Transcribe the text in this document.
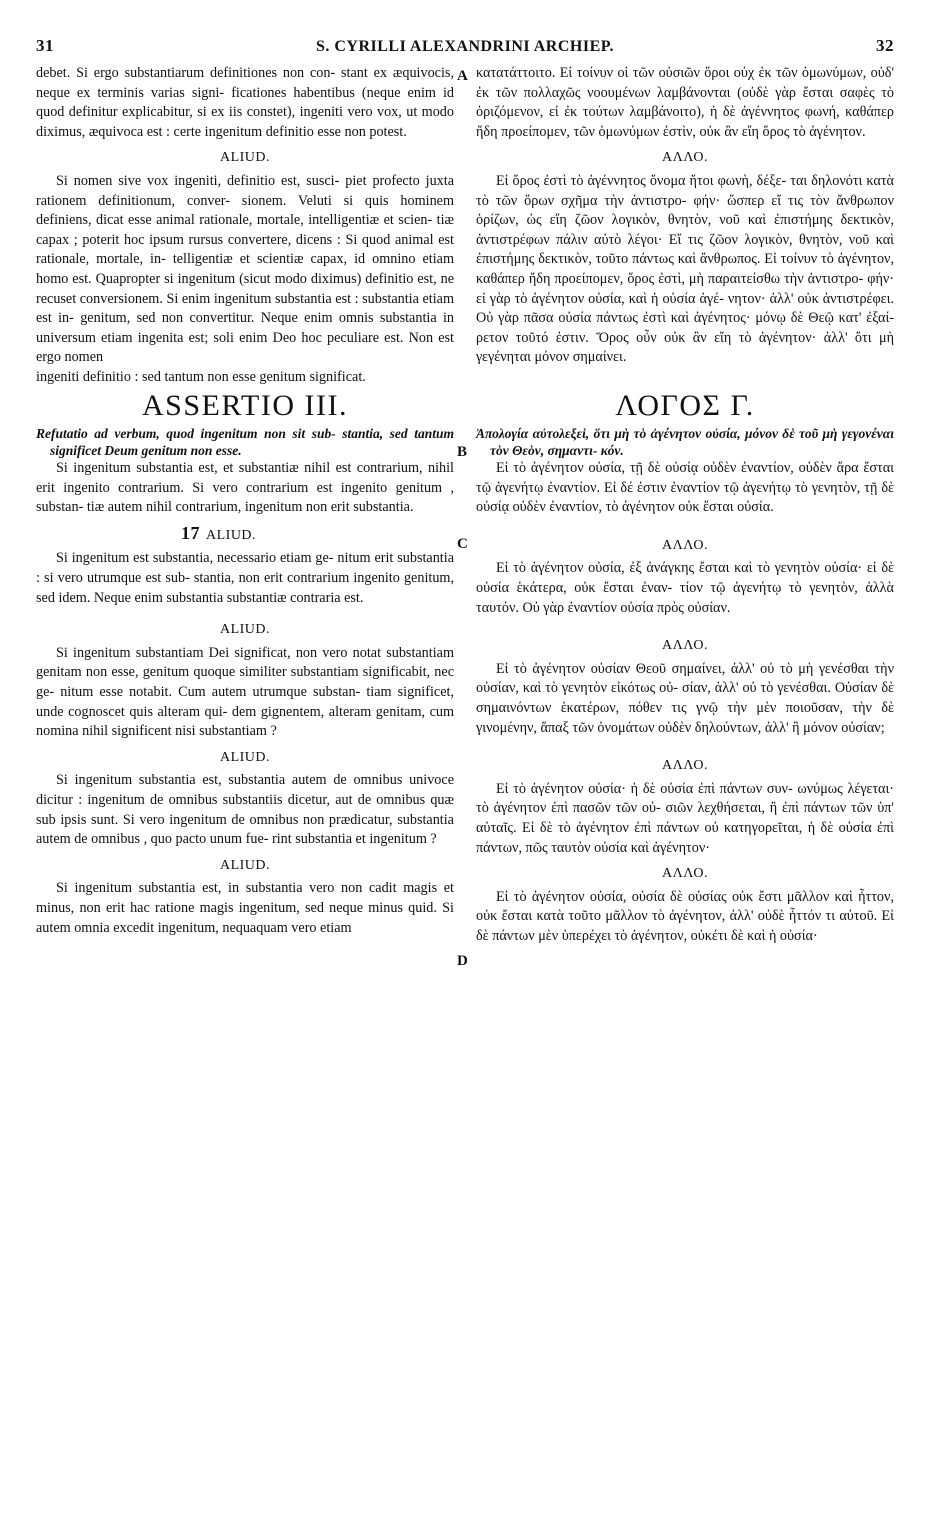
31	S. CYRILLI ALEXANDRINI ARCHIEP.	32
A
B

debet. Si ergo substantiarum definitiones non con- stant ex æquivocis, neque ex terminis varias signi- ficationes habentibus (neque enim id quod definitur explicabitur, si ex iis constet), ingeniti vero vox, ut modo diximus, æquivoca est : certe ingenitum definitio esse non potest.

ALIUD.

Si nomen sive vox ingeniti, definitio est, susci- piet profecto juxta rationem definitionum, conver- sionem. Veluti si quis hominem definiens, dicat esse animal rationale, mortale, intelligentiæ et scien- tiæ capax ; poterit hoc ipsum rursus convertere, dicens : Si quod animal est rationale, mortale, in- telligentiæ et scientiæ capax, id omnino etiam homo est. Quapropter si ingenitum (sicut modo diximus) definitio est, ne recuset conversionem. Si enim ingenitum substantia est : substantia etiam est in- genitum, sed non convertitur. Neque enim omnis substantia in universum etiam ingenita est; soli enim Deo hoc peculiare est. Non est ergo nomen

κατατάττοιτο. Εἰ τοίνυν οἱ τῶν οὐσιῶν ὅροι οὐχ ἐκ τῶν ὁμωνύμων, οὐδ' ἐκ τῶν πολλαχῶς νοουμένων λαμβάνονται (οὐδὲ γὰρ ἔσται σαφὲς τὸ ὁριζόμενον, εἰ ἐκ τούτων λαμβάνοιτο), ἡ δὲ ἀγέννητος φωνή, καθάπερ ἤδη προείπομεν, τῶν ὁμωνύμων ἐστὶν, οὐκ ἂν εἴη ὅρος τὸ ἀγένητον.

ΑΛΛΟ.

Εἰ ὅρος ἐστὶ τὸ ἀγέννητος ὄνομα ἤτοι φωνὴ, δέξε- ται δηλονότι κατὰ τὸ τῶν ὅρων σχῆμα τὴν ἀντιστρο- φήν· ὥσπερ εἴ τις τὸν ἄνθρωπον ὁρίζων, ὡς εἴη ζῶον λογικὸν, θνητὸν, νοῦ καὶ ἐπιστήμης δεκτικὸν, ἀντιστρέφων πάλιν αὐτὸ λέγοι· Εἴ τις ζῶον λογικὸν, θνητὸν, νοῦ καὶ ἐπιστήμης δεκτικὸν, τοῦτο πάντως καὶ ἄνθρωπος. Εἰ τοίνυν τὸ ἀγένητον, καθάπερ ἤδη προείπομεν, ὅρος ἐστὶ, μὴ παραιτείσθω τὴν ἀντιστρο- φήν· εἰ γὰρ τὸ ἀγένητον οὐσία, καὶ ἡ οὐσία ἀγέ- νητον· ἀλλ' οὐκ ἀντιστρέφει. Οὐ γὰρ πᾶσα οὐσία πάντως ἐστὶ καὶ ἀγένητος· μόνῳ δὲ Θεῷ κατ' ἐξαί- ρετον τοῦτό ἐστιν. Ὅρος οὖν οὐκ ἂν εἴη τὸ ἀγένητον· ἀλλ' ὅτι μὴ γεγένηται μόνον σημαίνει.

ingeniti definitio : sed tantum non esse genitum significat.

C
D
ASSERTIO III.

Refutatio ad verbum, quod ingenitum non sit sub- stantia, sed tantum significet Deum genitum non esse.

Si ingenitum substantia est, et substantiæ nihil est contrarium, nihil erit ingenito contrarium. Si vero contrarium est ingenito genitum , substan- tiæ autem nihil contrarium, ingenitum non erit substantia.

17 ALIUD.

Si ingenitum est substantia, necessario etiam ge- nitum erit substantia : si vero utrumque est sub- stantia, non erit contrarium ingenito genitum, sed idem. Neque enim substantia substantiæ contraria est.

ALIUD.

Si ingenitum substantiam Dei significat, non vero notat substantiam genitam non esse, genitum quoque similiter substantiam significabit, nec ge- nitum esse notabit. Cum autem utrumque substan- tiam significet, unde cognoscet quis alteram qui- dem gignentem, alteram genitam, cum nomina nihil significent nisi substantiam ?

ALIUD.

Si ingenitum substantia est, substantia autem de omnibus univoce dicitur : ingenitum de omnibus substantiis dicetur, aut de omnibus quæ sub ipsis sunt. Si vero ingenitum de omnibus non prædicatur, substantia autem de omnibus , quo pacto unum fue- rint substantia et ingenitum ?

ALIUD.

Si ingenitum substantia est, in substantia vero non cadit magis et minus, non erit hac ratione magis ingenitum, sed neque minus quid. Si autem omnia excedit ingenitum, nequaquam vero etiam

ΛΟΓΟΣ Γ.

Ἀπολογία αὐτολεξεὶ, ὅτι μὴ τὸ ἀγένητον οὐσία, μόνον δὲ τοῦ μὴ γεγονέναι τὸν Θεὸν, σημαντι- κόν.

Εἰ τὸ ἀγένητον οὐσία, τῇ δὲ οὐσίᾳ οὐδὲν ἐναντίον, οὐδὲν ἄρα ἔσται τῷ ἀγενήτῳ ἐναντίον. Εἰ δέ ἐστιν ἐναντίον τῷ ἀγενήτῳ τὸ γενητὸν, τῇ δὲ οὐσίᾳ οὐδὲν ἐναντίον, τὸ ἀγένητον οὐκ ἔσται οὐσία.

ΑΛΛΟ.

Εἰ τὸ ἀγένητον οὐσία, ἐξ ἀνάγκης ἔσται καὶ τὸ γενητὸν οὐσία· εἰ δὲ οὐσία ἑκάτερα, οὐκ ἔσται ἐναν- τίον τῷ ἀγενήτῳ τὸ γενητὸν, ἀλλὰ ταυτόν. Οὐ γὰρ ἐναντίον οὐσία πρὸς οὐσίαν.

ΑΛΛΟ.

Εἰ τὸ ἀγένητον οὐσίαν Θεοῦ σημαίνει, ἀλλ' οὐ τὸ μὴ γενέσθαι τὴν οὐσίαν, καὶ τὸ γενητὸν εἰκότως οὐ- σίαν, ἀλλ' οὐ τὸ γενέσθαι. Οὐσίαν δὲ σημαινόντων ἑκατέρων, πόθεν τις γνῷ τὴν μὲν ποιοῦσαν, τὴν δὲ γινομένην, ἅπαξ τῶν ὀνομάτων οὐδὲν δηλούντων, ἀλλ' ἢ μόνον οὐσίαν;

ΑΛΛΟ.

Εἰ τὸ ἀγένητον οὐσία· ἡ δὲ οὐσία ἐπὶ πάντων συν- ωνύμως λέγεται· τὸ ἀγένητον ἐπὶ πασῶν τῶν οὐ- σιῶν λεχθήσεται, ἢ ἐπὶ πάντων τῶν ὑπ' αὐταῖς. Εἰ δὲ τὸ ἀγένητον ἐπὶ πάντων οὐ κατηγορεῖται, ἡ δὲ οὐσία ἐπὶ πάντων, πῶς ταυτὸν οὐσία καὶ ἀγένητον·

ΑΛΛΟ.

Εἰ τὸ ἀγένητον οὐσία, οὐσία δὲ οὐσίας οὐκ ἔστι μᾶλλον καὶ ἧττον, οὐκ ἔσται κατὰ τοῦτο μᾶλλον τὸ ἀγένητον, ἀλλ' οὐδὲ ἧττόν τι αὐτοῦ. Εἰ δὲ πάντων μὲν ὑπερέχει τὸ ἀγένητον, οὐκέτι δὲ καὶ ἡ οὐσία·
